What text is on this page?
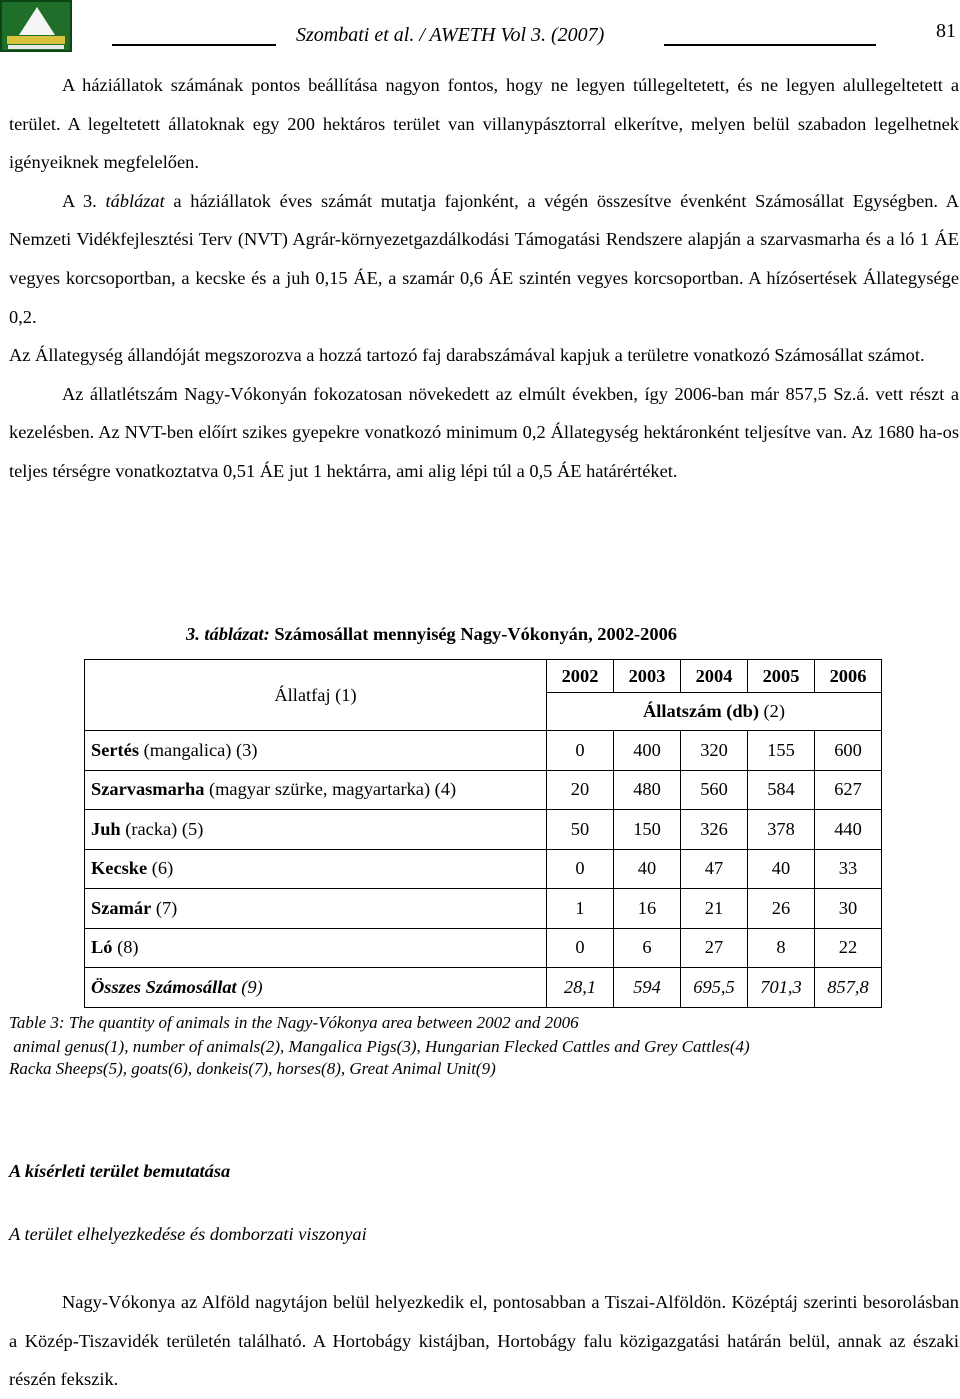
Szombati et al. / AWETH Vol 3. (2007)	81

A háziállatok számának pontos beállítása nagyon fontos, hogy ne legyen túllegeltetett, és ne legyen alullegeltetett a terület. A legeltetett állatoknak egy 200 hektáros terület van villanypásztorral elkerítve, melyen belül szabadon legelhetnek igényeiknek megfelelően.

A 3. táblázat a háziállatok éves számát mutatja fajonként, a végén összesítve évenként Számosállat Egységben. A Nemzeti Vidékfejlesztési Terv (NVT) Agrár-környezetgazdálkodási Támogatási Rendszere alapján a szarvasmarha és a ló 1 ÁE vegyes korcsoportban, a kecske és a juh 0,15 ÁE, a szamár 0,6 ÁE szintén vegyes korcsoportban. A hízósertések Állategysége 0,2.

Az Állategység állandóját megszorozva a hozzá tartozó faj darabszámával kapjuk a területre vonatkozó Számosállat számot.

Az állatlétszám Nagy-Vókonyán fokozatosan növekedett az elmúlt években, így 2006-ban már 857,5 Sz.á. vett részt a kezelésben. Az NVT-ben előírt szikes gyepekre vonatkozó minimum 0,2 Állategység hektáronként teljesítve van. Az 1680 ha-os teljes térségre vonatkoztatva 0,51 ÁE jut 1 hektárra, ami alig lépi túl a 0,5 ÁE határértéket.

3. táblázat: Számosállat mennyiség Nagy-Vókonyán, 2002-2006
Állatfaj (1)	2002	2003	2004	2005	2006
	Állatszám (db) (2)				
Sertés (mangalica) (3)	0	400	320	155	600
Szarvasmarha (magyar szürke, magyartarka) (4)	20	480	560	584	627
Juh (racka) (5)	50	150	326	378	440
Kecske (6)	0	40	47	40	33
Szamár (7)	1	16	21	26	30
Ló (8)	0	6	27	8	22
Összes Számosállat (9)	28,1	594	695,5	701,3	857,8
Table 3: The quantity of animals in the Nagy-Vókonya area between 2002 and 2006
animal genus(1), number of animals(2), Mangalica Pigs(3), Hungarian Flecked Cattles and Grey Cattles(4)
Racka Sheeps(5), goats(6), donkeis(7), horses(8), Great Animal Unit(9)
A kísérleti terület bemutatása
A terület elhelyezkedése és domborzati viszonyai

Nagy-Vókonya az Alföld nagytájon belül helyezkedik el, pontosabban a Tiszai-Alföldön. Középtáj szerinti besorolásban a Közép-Tiszavidék területén található. A Hortobágy kistájban, Hortobágy falu közigazgatási határán belül, annak az északi részén fekszik.
